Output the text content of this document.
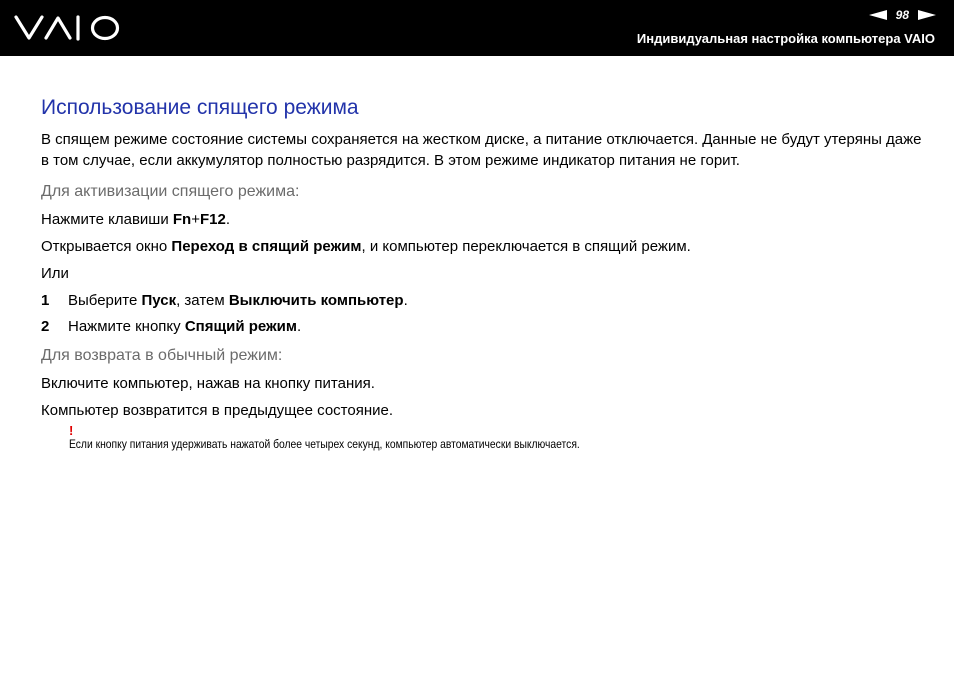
98
Индивидуальная настройка компьютера VAIO
Использование спящего режима
В спящем режиме состояние системы сохраняется на жестком диске, а питание отключается. Данные не будут утеряны даже в том случае, если аккумулятор полностью разрядится. В этом режиме индикатор питания не горит.
Для активизации спящего режима:
Нажмите клавиши Fn+F12.
Открывается окно Переход в спящий режим, и компьютер переключается в спящий режим.
Или
1	Выберите Пуск, затем Выключить компьютер.
2	Нажмите кнопку Спящий режим.
Для возврата в обычный режим:
Включите компьютер, нажав на кнопку питания.
Компьютер возвратится в предыдущее состояние.
!
Если кнопку питания удерживать нажатой более четырех секунд, компьютер автоматически выключается.
